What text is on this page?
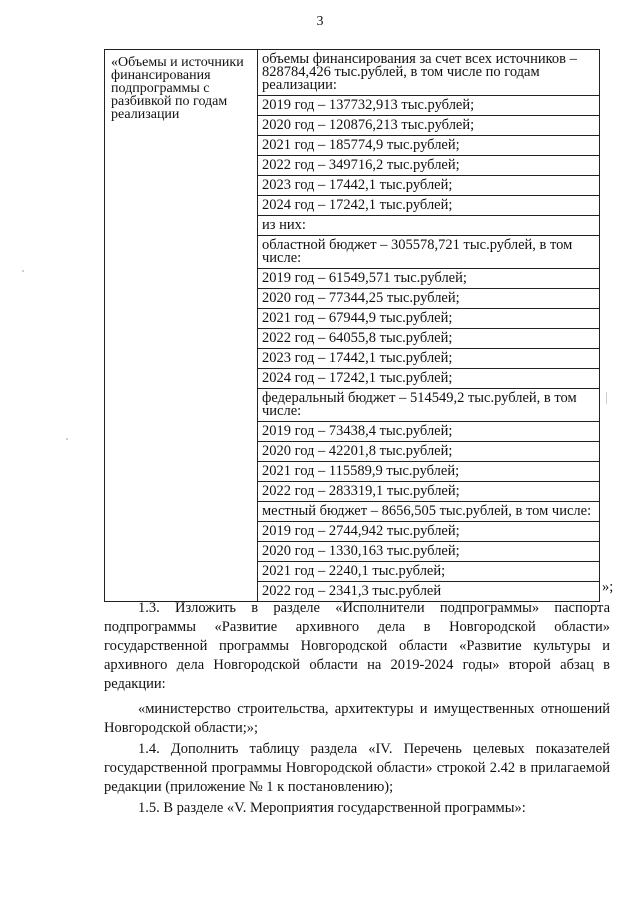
3
«Объемы и источники финансирования подпрограммы с разбивкой по годам реализации	
объемы финансирования за счет всех источников – 828784,426 тыс.рублей, в том числе по годам реализации:
2019 год – 137732,913 тыс.рублей;
2020 год – 120876,213 тыс.рублей;
2021 год – 185774,9 тыс.рублей;
2022 год – 349716,2 тыс.рублей;
2023 год – 17442,1 тыс.рублей;
2024 год – 17242,1 тыс.рублей;
из них:
областной бюджет – 305578,721 тыс.рублей, в том числе:
2019 год – 61549,571 тыс.рублей;
2020 год – 77344,25 тыс.рублей;
2021 год – 67944,9 тыс.рублей;
2022 год – 64055,8 тыс.рублей;
2023 год – 17442,1 тыс.рублей;
2024 год – 17242,1 тыс.рублей;
федеральный бюджет – 514549,2 тыс.рублей, в том числе:
2019 год – 73438,4 тыс.рублей;
2020 год – 42201,8 тыс.рублей;
2021 год – 115589,9 тыс.рублей;
2022 год – 283319,1 тыс.рублей;
местный бюджет – 8656,505 тыс.рублей, в том числе:
2019 год – 2744,942 тыс.рублей;
2020 год – 1330,163 тыс.рублей;
2021 год – 2240,1 тыс.рублей;
2022 год – 2341,3 тыс.рублей	»;
1.3. Изложить в разделе «Исполнители подпрограммы» паспорта подпрограммы «Развитие архивного дела в Новгородской области» государственной программы Новгородской области «Развитие культуры и архивного дела Новгородской области на 2019-2024 годы» второй абзац в редакции:
«министерство строительства, архитектуры и имущественных отношений Новгородской области;»;
1.4. Дополнить таблицу раздела «IV. Перечень целевых показателей государственной программы Новгородской области» строкой 2.42 в прилагаемой редакции (приложение № 1 к постановлению);
1.5. В разделе «V. Мероприятия государственной программы»:
